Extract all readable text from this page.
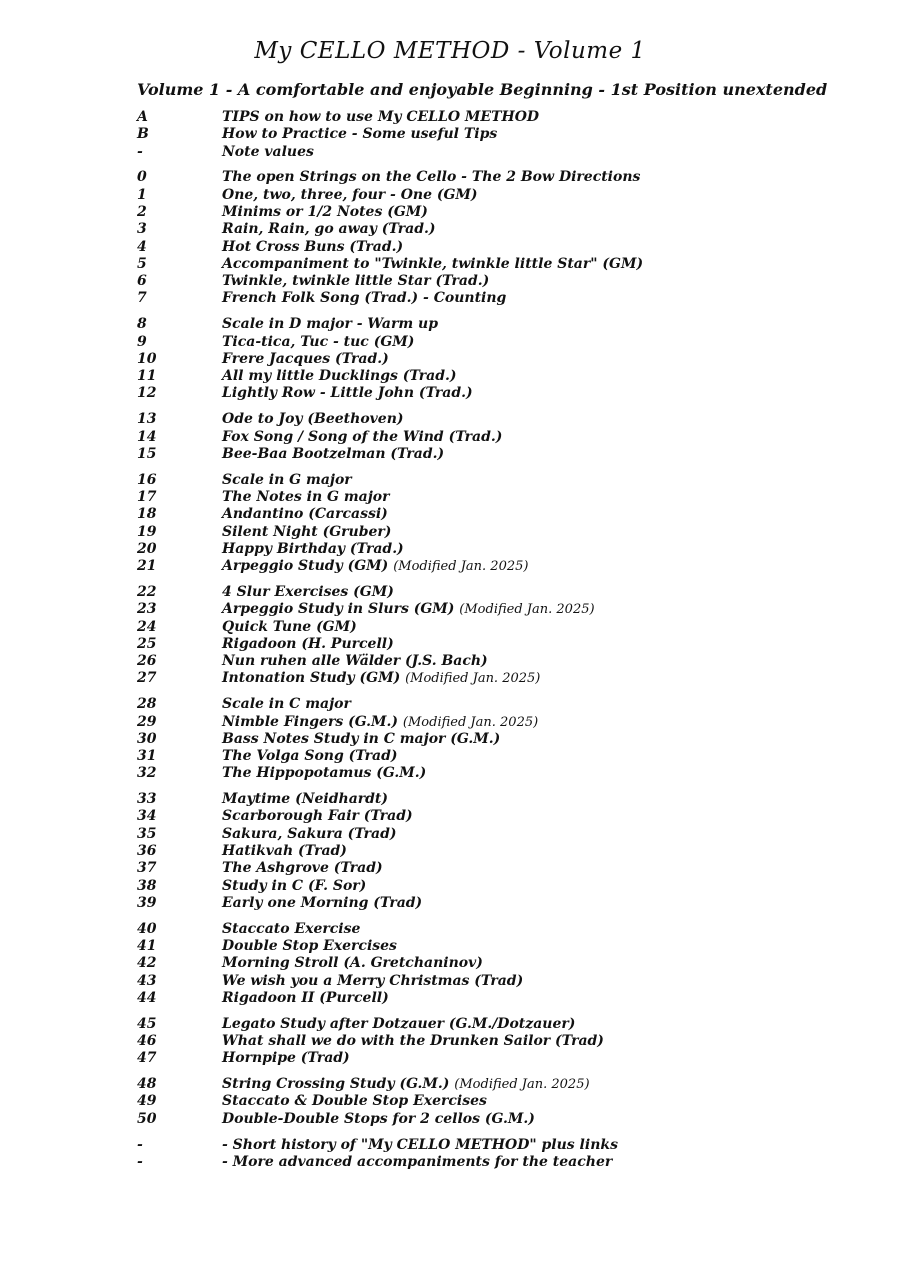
My CELLO METHOD - Volume 1
Volume 1 - A comfortable and enjoyable Beginning - 1st Position unextended
A	TIPS on how to use My CELLO METHOD
B	How to Practice - Some useful Tips
-	Note values
0	The open Strings on the Cello - The 2 Bow Directions
1	One, two, three, four - One (GM)
2	Minims or 1/2 Notes (GM)
3	Rain, Rain, go away (Trad.)
4	Hot Cross Buns (Trad.)
5	Accompaniment to "Twinkle, twinkle little Star" (GM)
6	Twinkle, twinkle little Star (Trad.)
7	French Folk Song (Trad.) - Counting
8	Scale in D major - Warm up
9	Tica-tica, Tuc - tuc (GM)
10	Frere Jacques (Trad.)
11	All my little Ducklings (Trad.)
12	Lightly Row - Little John (Trad.)
13	Ode to Joy (Beethoven)
14	Fox Song / Song of the Wind (Trad.)
15	Bee-Baa Bootzelman (Trad.)
16	Scale in G major
17	The Notes in G major
18	Andantino (Carcassi)
19	Silent Night (Gruber)
20	Happy Birthday (Trad.)
21	Arpeggio Study (GM) (Modified Jan. 2025)
22	4 Slur Exercises (GM)
23	Arpeggio Study in Slurs (GM) (Modified Jan. 2025)
24	Quick Tune (GM)
25	Rigadoon (H. Purcell)
26	Nun ruhen alle Wälder (J.S. Bach)
27	Intonation Study (GM) (Modified Jan. 2025)
28	Scale in C major
29	Nimble Fingers (G.M.) (Modified Jan. 2025)
30	Bass Notes Study in C major (G.M.)
31	The Volga Song (Trad)
32	The Hippopotamus (G.M.)
33	Maytime (Neidhardt)
34	Scarborough Fair (Trad)
35	Sakura, Sakura (Trad)
36	Hatikvah (Trad)
37	The Ashgrove (Trad)
38	Study in C (F. Sor)
39	Early one Morning (Trad)
40	Staccato Exercise
41	Double Stop Exercises
42	Morning Stroll (A. Gretchaninov)
43	We wish you a Merry Christmas (Trad)
44	Rigadoon II (Purcell)
45	Legato Study after Dotzauer (G.M./Dotzauer)
46	What shall we do with the Drunken Sailor (Trad)
47	Hornpipe (Trad)
48	String Crossing Study (G.M.) (Modified Jan. 2025)
49	Staccato & Double Stop Exercises
50	Double-Double Stops for 2 cellos (G.M.)
-	- Short history of "My CELLO METHOD" plus links
-	- More advanced accompaniments for the teacher
